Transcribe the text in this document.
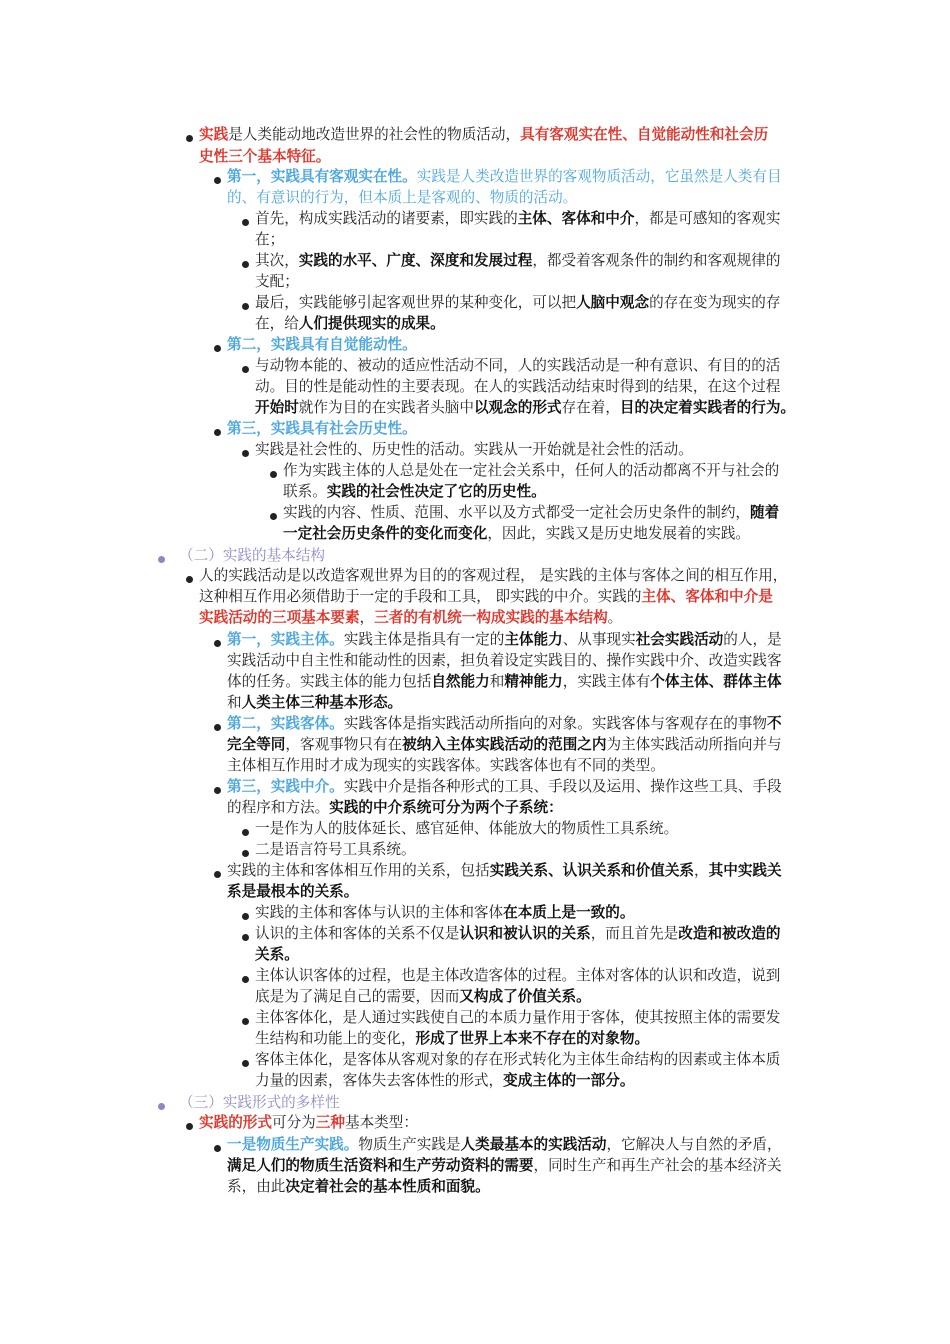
实践是人类能动地改造世界的社会性的物质活动，具有客观实在性、自觉能动性和社会历
史性三个基本特征。
第一，实践具有客观实在性。实践是人类改造世界的客观物质活动，它虽然是人类有目
的、有意识的行为，但本质上是客观的、物质的活动。
首先，构成实践活动的诸要素，即实践的主体、客体和中介，都是可感知的客观实
在；
其次，实践的水平、广度、深度和发展过程，都受着客观条件的制约和客观规律的
支配；
最后，实践能够引起客观世界的某种变化，可以把人脑中观念的存在变为现实的存
在，给人们提供现实的成果。
第二，实践具有自觉能动性。
与动物本能的、被动的适应性活动不同，人的实践活动是一种有意识、有目的的活
动。目的性是能动性的主要表现。在人的实践活动结束时得到的结果，在这个过程
开始时就作为目的在实践者头脑中以观念的形式存在着，目的决定着实践者的行为。
第三，实践具有社会历史性。
实践是社会性的、历史性的活动。实践从一开始就是社会性的活动。
作为实践主体的人总是处在一定社会关系中，任何人的活动都离不开与社会的
联系。实践的社会性决定了它的历史性。
实践的内容、性质、范围、水平以及方式都受一定社会历史条件的制约，随着
一定社会历史条件的变化而变化，因此，实践又是历史地发展着的实践。
（二）实践的基本结构
人的实践活动是以改造客观世界为目的的客观过程， 是实践的主体与客体之间的相互作用，
这种相互作用必须借助于一定的手段和工具， 即实践的中介。实践的主体、客体和中介是
实践活动的三项基本要素，三者的有机统一构成实践的基本结构。
第一，实践主体。实践主体是指具有一定的主体能力、从事现实社会实践活动的人，是
实践活动中自主性和能动性的因素，担负着设定实践目的、操作实践中介、改造实践客
体的任务。实践主体的能力包括自然能力和精神能力，实践主体有个体主体、群体主体
和人类主体三种基本形态。
第二，实践客体。实践客体是指实践活动所指向的对象。实践客体与客观存在的事物不
完全等同，客观事物只有在被纳入主体实践活动的范围之内为主体实践活动所指向并与
主体相互作用时才成为现实的实践客体。实践客体也有不同的类型。
第三，实践中介。实践中介是指各种形式的工具、手段以及运用、操作这些工具、手段
的程序和方法。实践的中介系统可分为两个子系统：
一是作为人的肢体延长、感官延伸、体能放大的物质性工具系统。
二是语言符号工具系统。
实践的主体和客体相互作用的关系，包括实践关系、认识关系和价值关系，其中实践关
系是最根本的关系。
实践的主体和客体与认识的主体和客体在本质上是一致的。
认识的主体和客体的关系不仅是认识和被认识的关系，而且首先是改造和被改造的
关系。
主体认识客体的过程，也是主体改造客体的过程。主体对客体的认识和改造，说到
底是为了满足自己的需要，因而又构成了价值关系。
主体客体化，是人通过实践使自己的本质力量作用于客体，使其按照主体的需要发
生结构和功能上的变化，形成了世界上本来不存在的对象物。
客体主体化，是客体从客观对象的存在形式转化为主体生命结构的因素或主体本质
力量的因素，客体失去客体性的形式，变成主体的一部分。
（三）实践形式的多样性
实践的形式可分为三种基本类型：
一是物质生产实践。物质生产实践是人类最基本的实践活动，它解决人与自然的矛盾，
满足人们的物质生活资料和生产劳动资料的需要，同时生产和再生产社会的基本经济关
系，由此决定着社会的基本性质和面貌。
